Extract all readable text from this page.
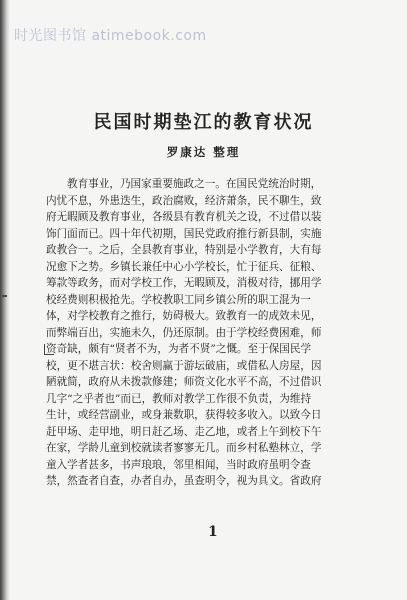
时光图书馆 atimebook.com
民国时期垫江的教育状况
罗康达 整理
教育事业，乃国家重要施政之一。在国民党统治时期，
内忧不息，外患迭生，政治腐败，经济萧条，民不聊生，致
府无暇顾及教育事业，各级县有教育机关之设，不过借以装
饰门面而已。四十年代初期，国民党政府推行新县制，实施
政教合一。之后，全县教育事业，特别是小学教育，大有每
况愈下之势。乡镇长兼任中心小学校长，忙于征兵、征粮、
筹款等政务，而对学校工作，无暇顾及，消极对待，挪用学
校经费则积极抢先。学校教职工同乡镇公所的职工混为一
体，对学校教育之推行，妨碍极大。致教育一的成效未见，
而弊端百出，实施未久，仍还原制。由于学校经费困难，师
资奇缺，颇有“贤者不为，为者不贤”之慨。至于保国民学
校，更不堪言状：校舍则赢于游坛破庙，或借私人房屋，因
陋就简，政府从未拨款修建；师资文化水平不高，不过借识
几字“之乎者也”而已，教师对教学工作很不负责，为维持
生计，或经营副业，或身兼数职，获得较多收入。以致今日
赶甲场、走甲地，明日赶乙场、走乙地，或者上午到校下午
在家，学龄儿童到校就读者寥寥无几。而乡村私塾林立，学
童入学者甚多，书声琅琅，邻里相闻，当时政府虽明令查
禁，然查者自查，办者自办，虽查明令，视为具文。省政府
1
